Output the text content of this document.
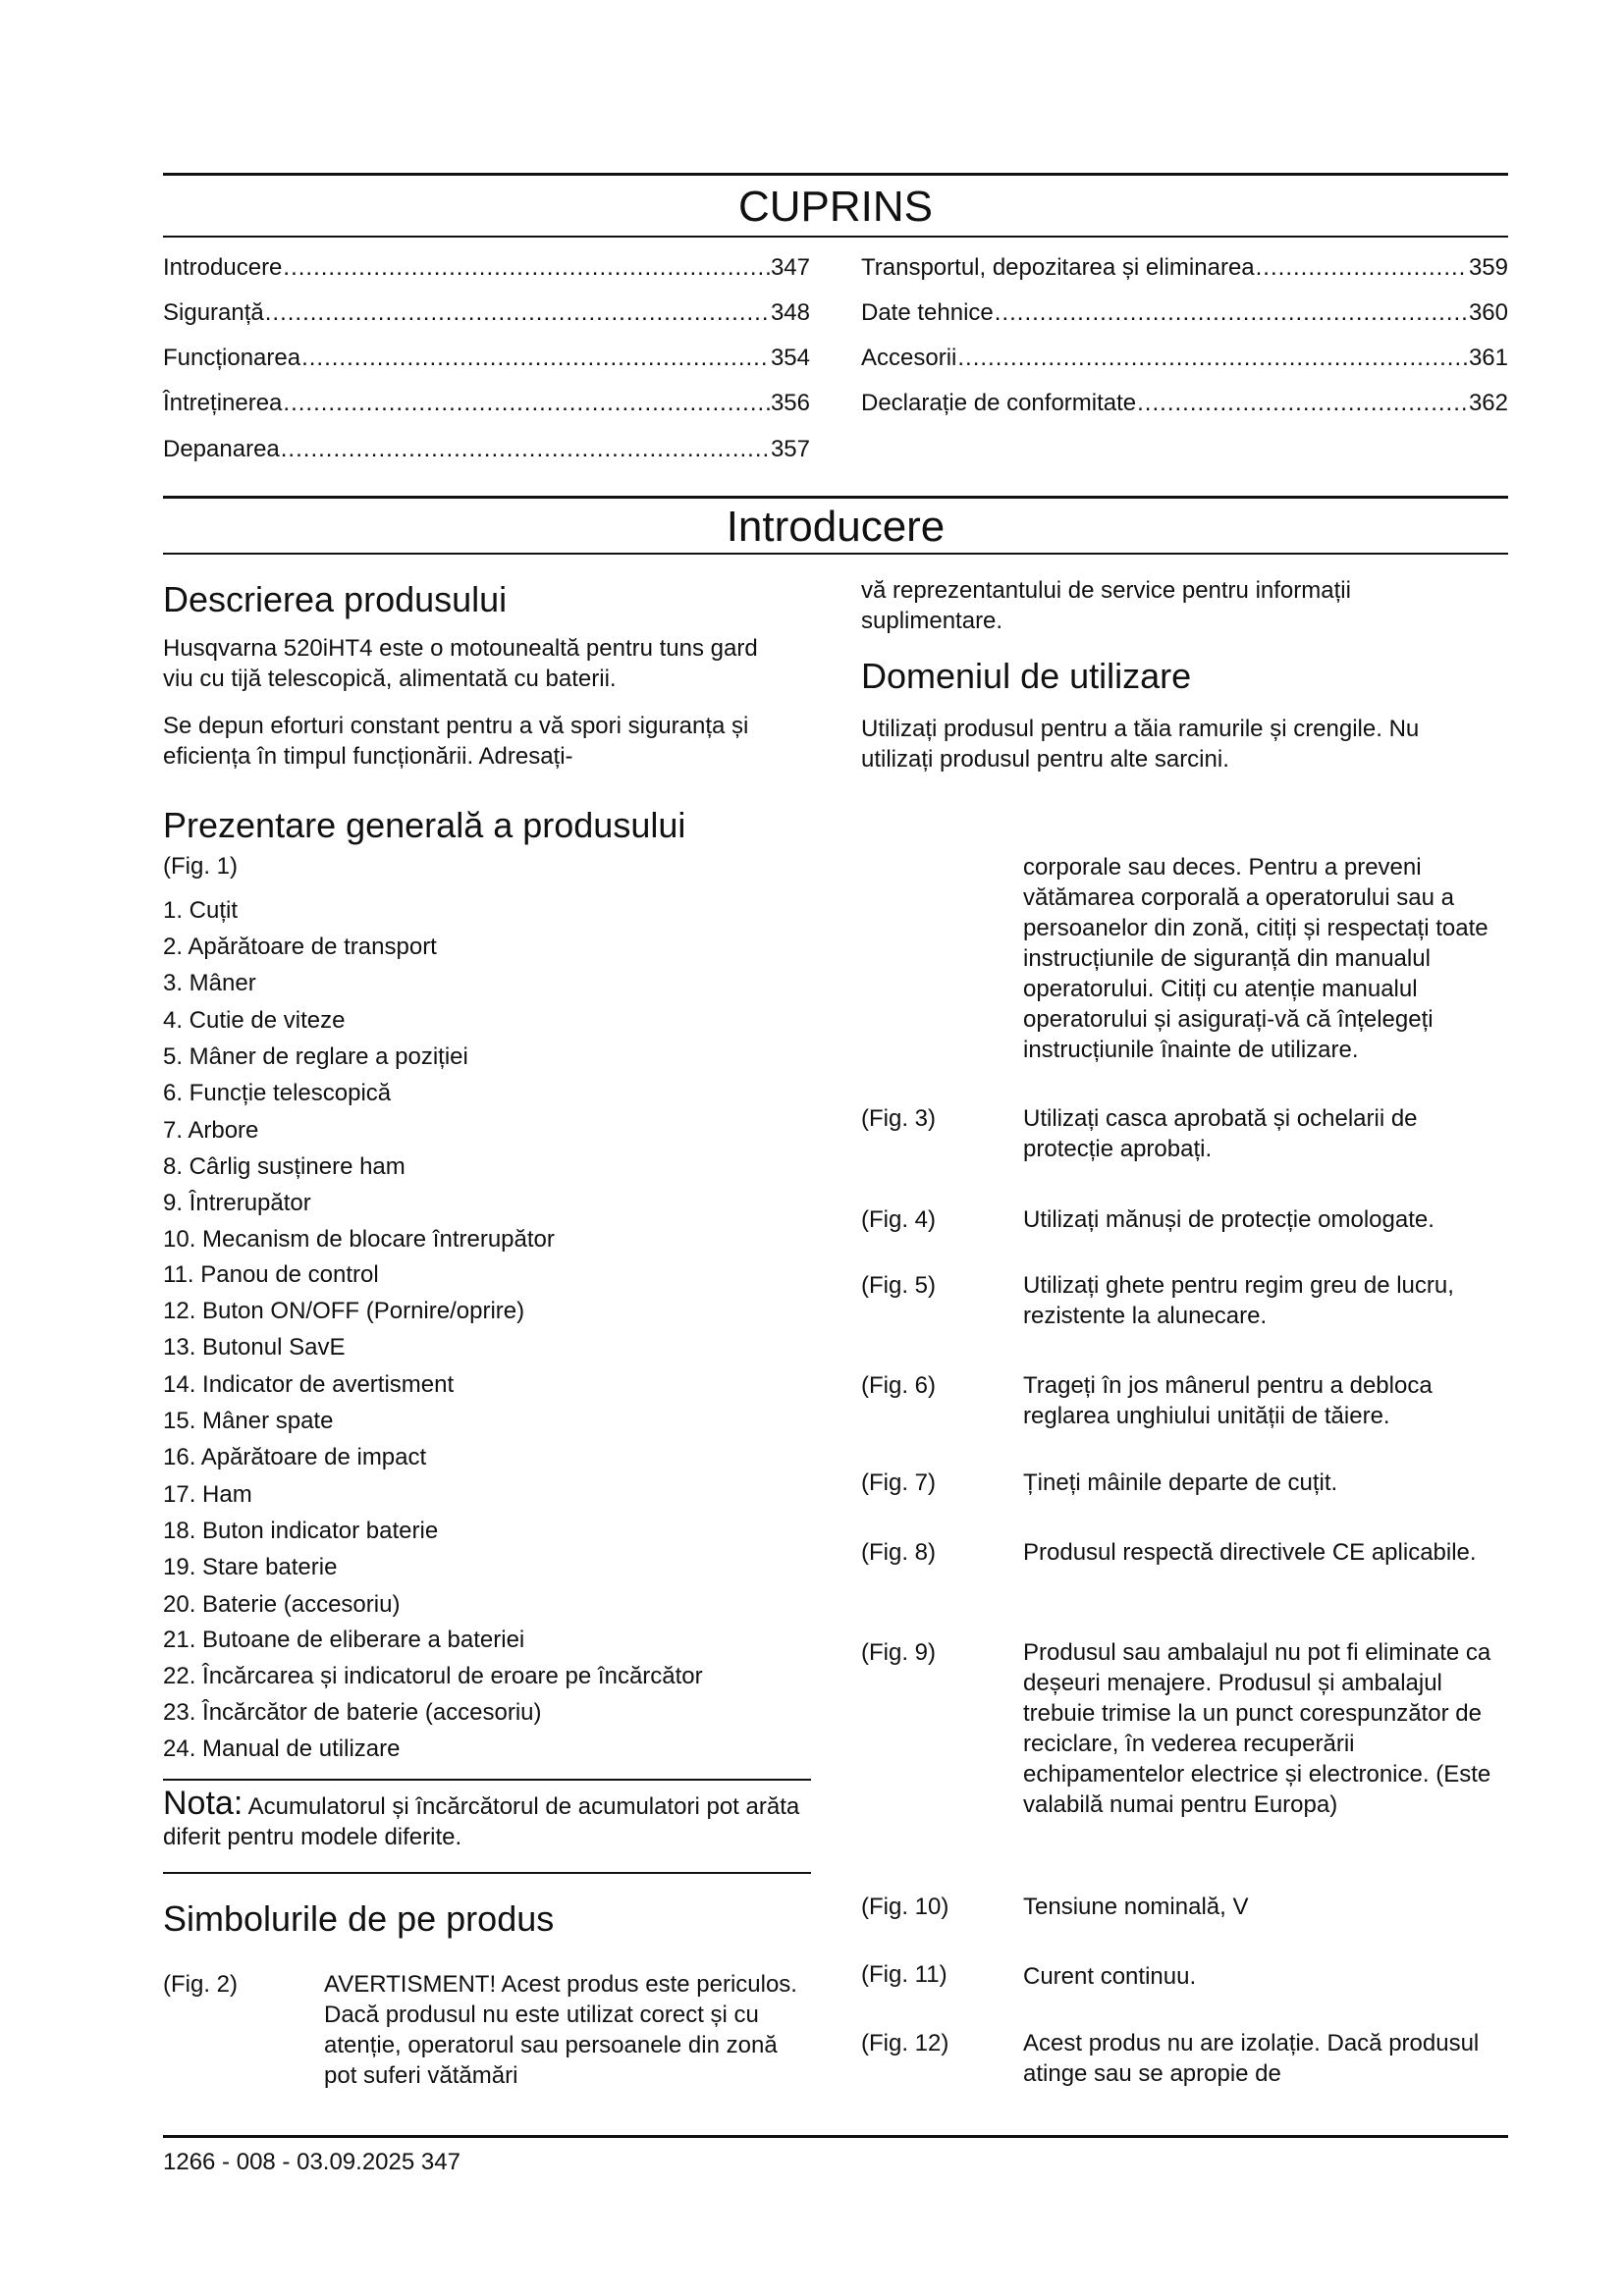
CUPRINS
Introducere .....	347
Siguranță .....	348
Funcționarea .....	354
Întreținerea .....	356
Depanarea .....	357
Transportul, depozitarea și eliminarea .....	359
Date tehnice .....	360
Accesorii .....	361
Declarație de conformitate .....	362
Introducere
Descrierea produsului
Husqvarna 520iHT4 este o motounealtă pentru tuns gard viu cu tijă telescopică, alimentată cu baterii.
Se depun eforturi constant pentru a vă spori siguranța și eficiența în timpul funcționării. Adresați-
Prezentare generală a produsului
(Fig. 1)
1. Cuțit
2. Apărătoare de transport
3. Mâner
4. Cutie de viteze
5. Mâner de reglare a poziției
6. Funcție telescopică
7. Arbore
8. Cârlig susținere ham
9. Întrerupător
10. Mecanism de blocare întrerupător
11. Panou de control
12. Buton ON/OFF (Pornire/oprire)
13. Butonul SavE
14. Indicator de avertisment
15. Mâner spate
16. Apărătoare de impact
17. Ham
18. Buton indicator baterie
19. Stare baterie
20. Baterie (accesoriu)
21. Butoane de eliberare a bateriei
22. Încărcarea și indicatorul de eroare pe încărcător
23. Încărcător de baterie (accesoriu)
24. Manual de utilizare
Nota: Acumulatorul și încărcătorul de acumulatori pot arăta diferit pentru modele diferite.
Simbolurile de pe produs
(Fig. 2)	AVERTISMENT! Acest produs este periculos. Dacă produsul nu este utilizat corect și cu atenție, operatorul sau persoanele din zonă pot suferi vătămări
vă reprezentantului de service pentru informații suplimentare.
Domeniul de utilizare
Utilizați produsul pentru a tăia ramurile și crengile. Nu utilizați produsul pentru alte sarcini.
corporale sau deces. Pentru a preveni vătămarea corporală a operatorului sau a persoanelor din zonă, citiți și respectați toate instrucțiunile de siguranță din manualul operatorului. Citiți cu atenție manualul operatorului și asigurați-vă că înțelegeți instrucțiunile înainte de utilizare.
(Fig. 3)	Utilizați casca aprobată și ochelarii de protecție aprobați.
(Fig. 4)	Utilizați mănuși de protecție omologate.
(Fig. 5)	Utilizați ghete pentru regim greu de lucru, rezistente la alunecare.
(Fig. 6)	Trageți în jos mânerul pentru a debloca reglarea unghiului unității de tăiere.
(Fig. 7)	Țineți mâinile departe de cuțit.
(Fig. 8)	Produsul respectă directivele CE aplicabile.
(Fig. 9)	Produsul sau ambalajul nu pot fi eliminate ca deșeuri menajere. Produsul și ambalajul trebuie trimise la un punct corespunzător de reciclare, în vederea recuperării echipamentelor electrice și electronice. (Este valabilă numai pentru Europa)
(Fig. 10)	Tensiune nominală, V
(Fig. 11)	Curent continuu.
(Fig. 12)	Acest produs nu are izolație. Dacă produsul atinge sau se apropie de
1266 - 008 - 03.09.2025 347
